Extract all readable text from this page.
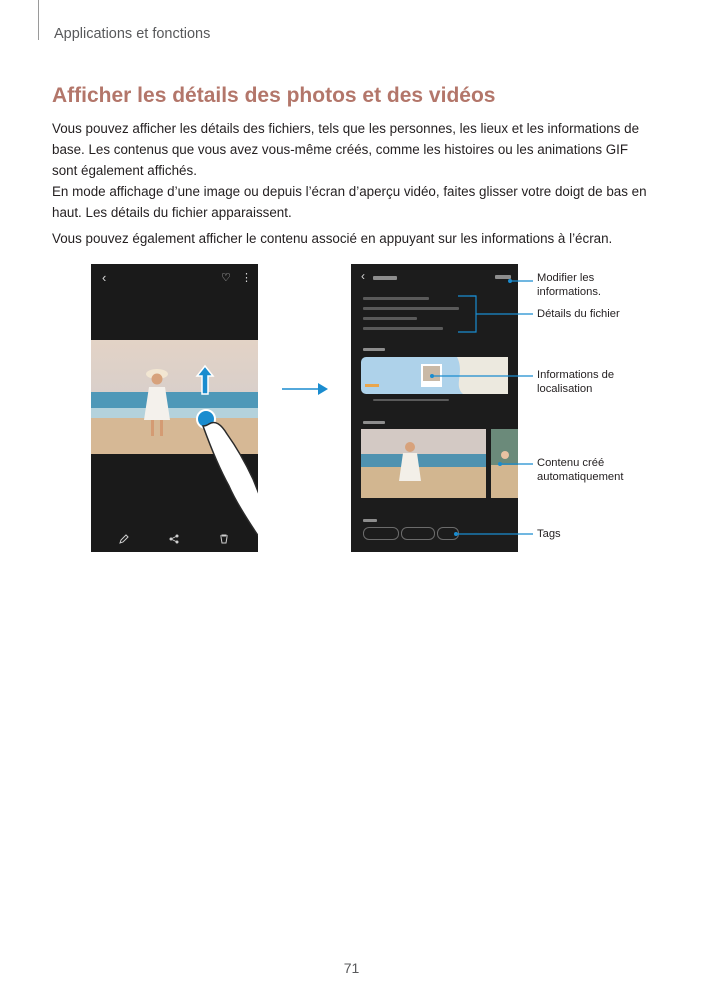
Applications et fonctions
Afficher les détails des photos et des vidéos

Vous pouvez afficher les détails des fichiers, tels que les personnes, les lieux et les informations de base. Les contenus que vous avez vous-même créés, comme les histoires ou les animations GIF sont également affichés.

En mode affichage d’une image ou depuis l’écran d’aperçu vidéo, faites glisser votre doigt de bas en haut. Les détails du fichier apparaissent.

Vous pouvez également afficher le contenu associé en appuyant sur les informations à l’écran.

‹	♡ ⋮	‹	Modifier les informations.

Détails du fichier

Informations de localisation

Contenu créé automatiquement

Tags

71
